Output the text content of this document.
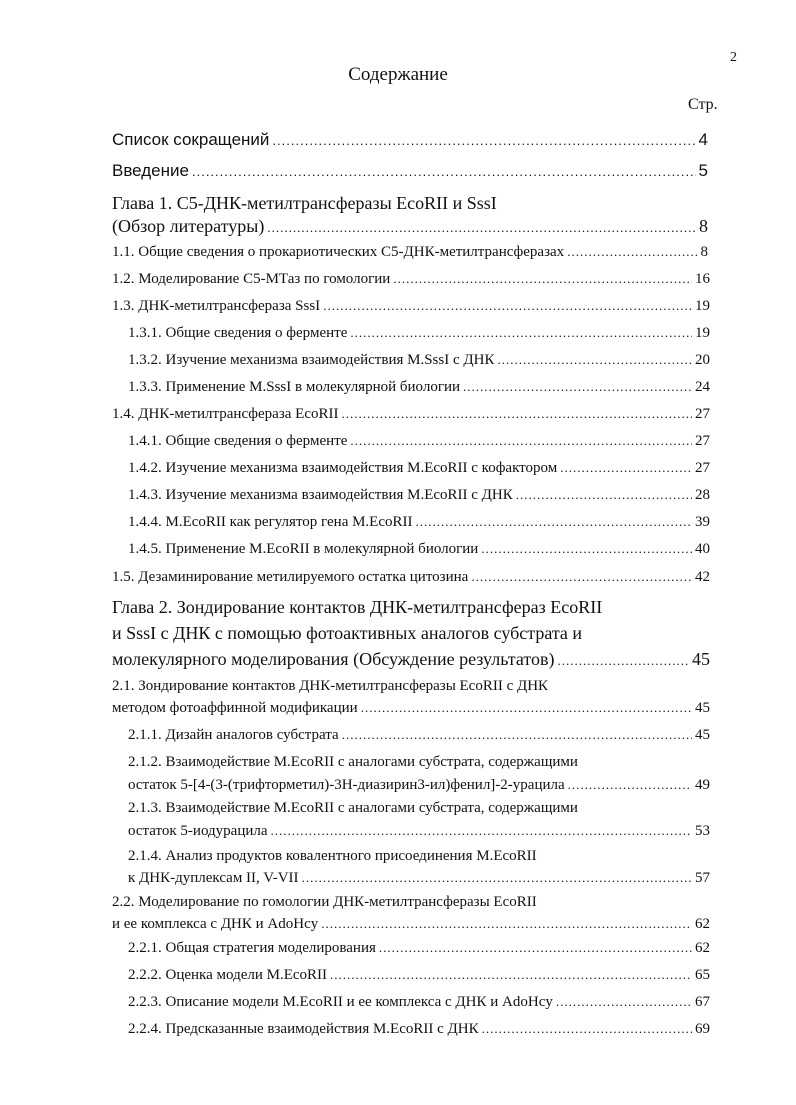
2
Содержание
Стр.
Список сокращений .....	4
Введение .....	5
Глава 1. С5-ДНК-метилтрансферазы EcoRII и SssI
(Обзор литературы) .....	8
1.1. Общие сведения о прокариотических С5-ДНК-метилтрансферазах .....	8
1.2. Моделирование С5-МТаз по гомологии .....	16
1.3. ДНК-метилтрансфераза SssI .....	19
1.3.1. Общие сведения о ферменте .....	19
1.3.2. Изучение механизма взаимодействия M.SssI с ДНК .....	20
1.3.3. Применение M.SssI в молекулярной биологии .....	24
1.4. ДНК-метилтрансфераза EcoRII .....	27
1.4.1. Общие сведения о ферменте .....	27
1.4.2. Изучение механизма взаимодействия M.EcoRII с кофактором .....	27
1.4.3. Изучение механизма взаимодействия M.EcoRII с ДНК .....	28
1.4.4. M.EcoRII как регулятор гена M.EcoRII .....	39
1.4.5. Применение M.EcoRII в молекулярной биологии .....	40
1.5. Дезаминирование метилируемого остатка цитозина .....	42
Глава 2. Зондирование контактов ДНК-метилтрансфераз EcoRII
и SssI с ДНК с помощью фотоактивных аналогов субстрата и
молекулярного моделирования (Обсуждение результатов) .....	45
2.1. Зондирование контактов ДНК-метилтрансферазы EcoRII с ДНК
методом фотоаффинной модификации .....	45
2.1.1. Дизайн аналогов субстрата .....	45
2.1.2. Взаимодействие M.EcoRII с аналогами субстрата, содержащими
остаток 5-[4-(3-(трифторметил)-3Н-диазирин3-ил)фенил]-2-урацила .....	49
2.1.3. Взаимодействие M.EcoRII с аналогами субстрата, содержащими
остаток 5-иодурацила .....	53
2.1.4. Анализ продуктов ковалентного присоединения M.EcoRII
к ДНК-дуплексам II, V-VII .....	57
2.2. Моделирование по гомологии ДНК-метилтрансферазы EcoRII
и ее комплекса с ДНК и AdoHcy .....	62
2.2.1. Общая стратегия моделирования .....	62
2.2.2. Оценка модели M.EcoRII .....	65
2.2.3. Описание модели M.EcoRII и ее комплекса с ДНК и AdoHcy .....	67
2.2.4. Предсказанные взаимодействия M.EcoRII с ДНК .....	69
